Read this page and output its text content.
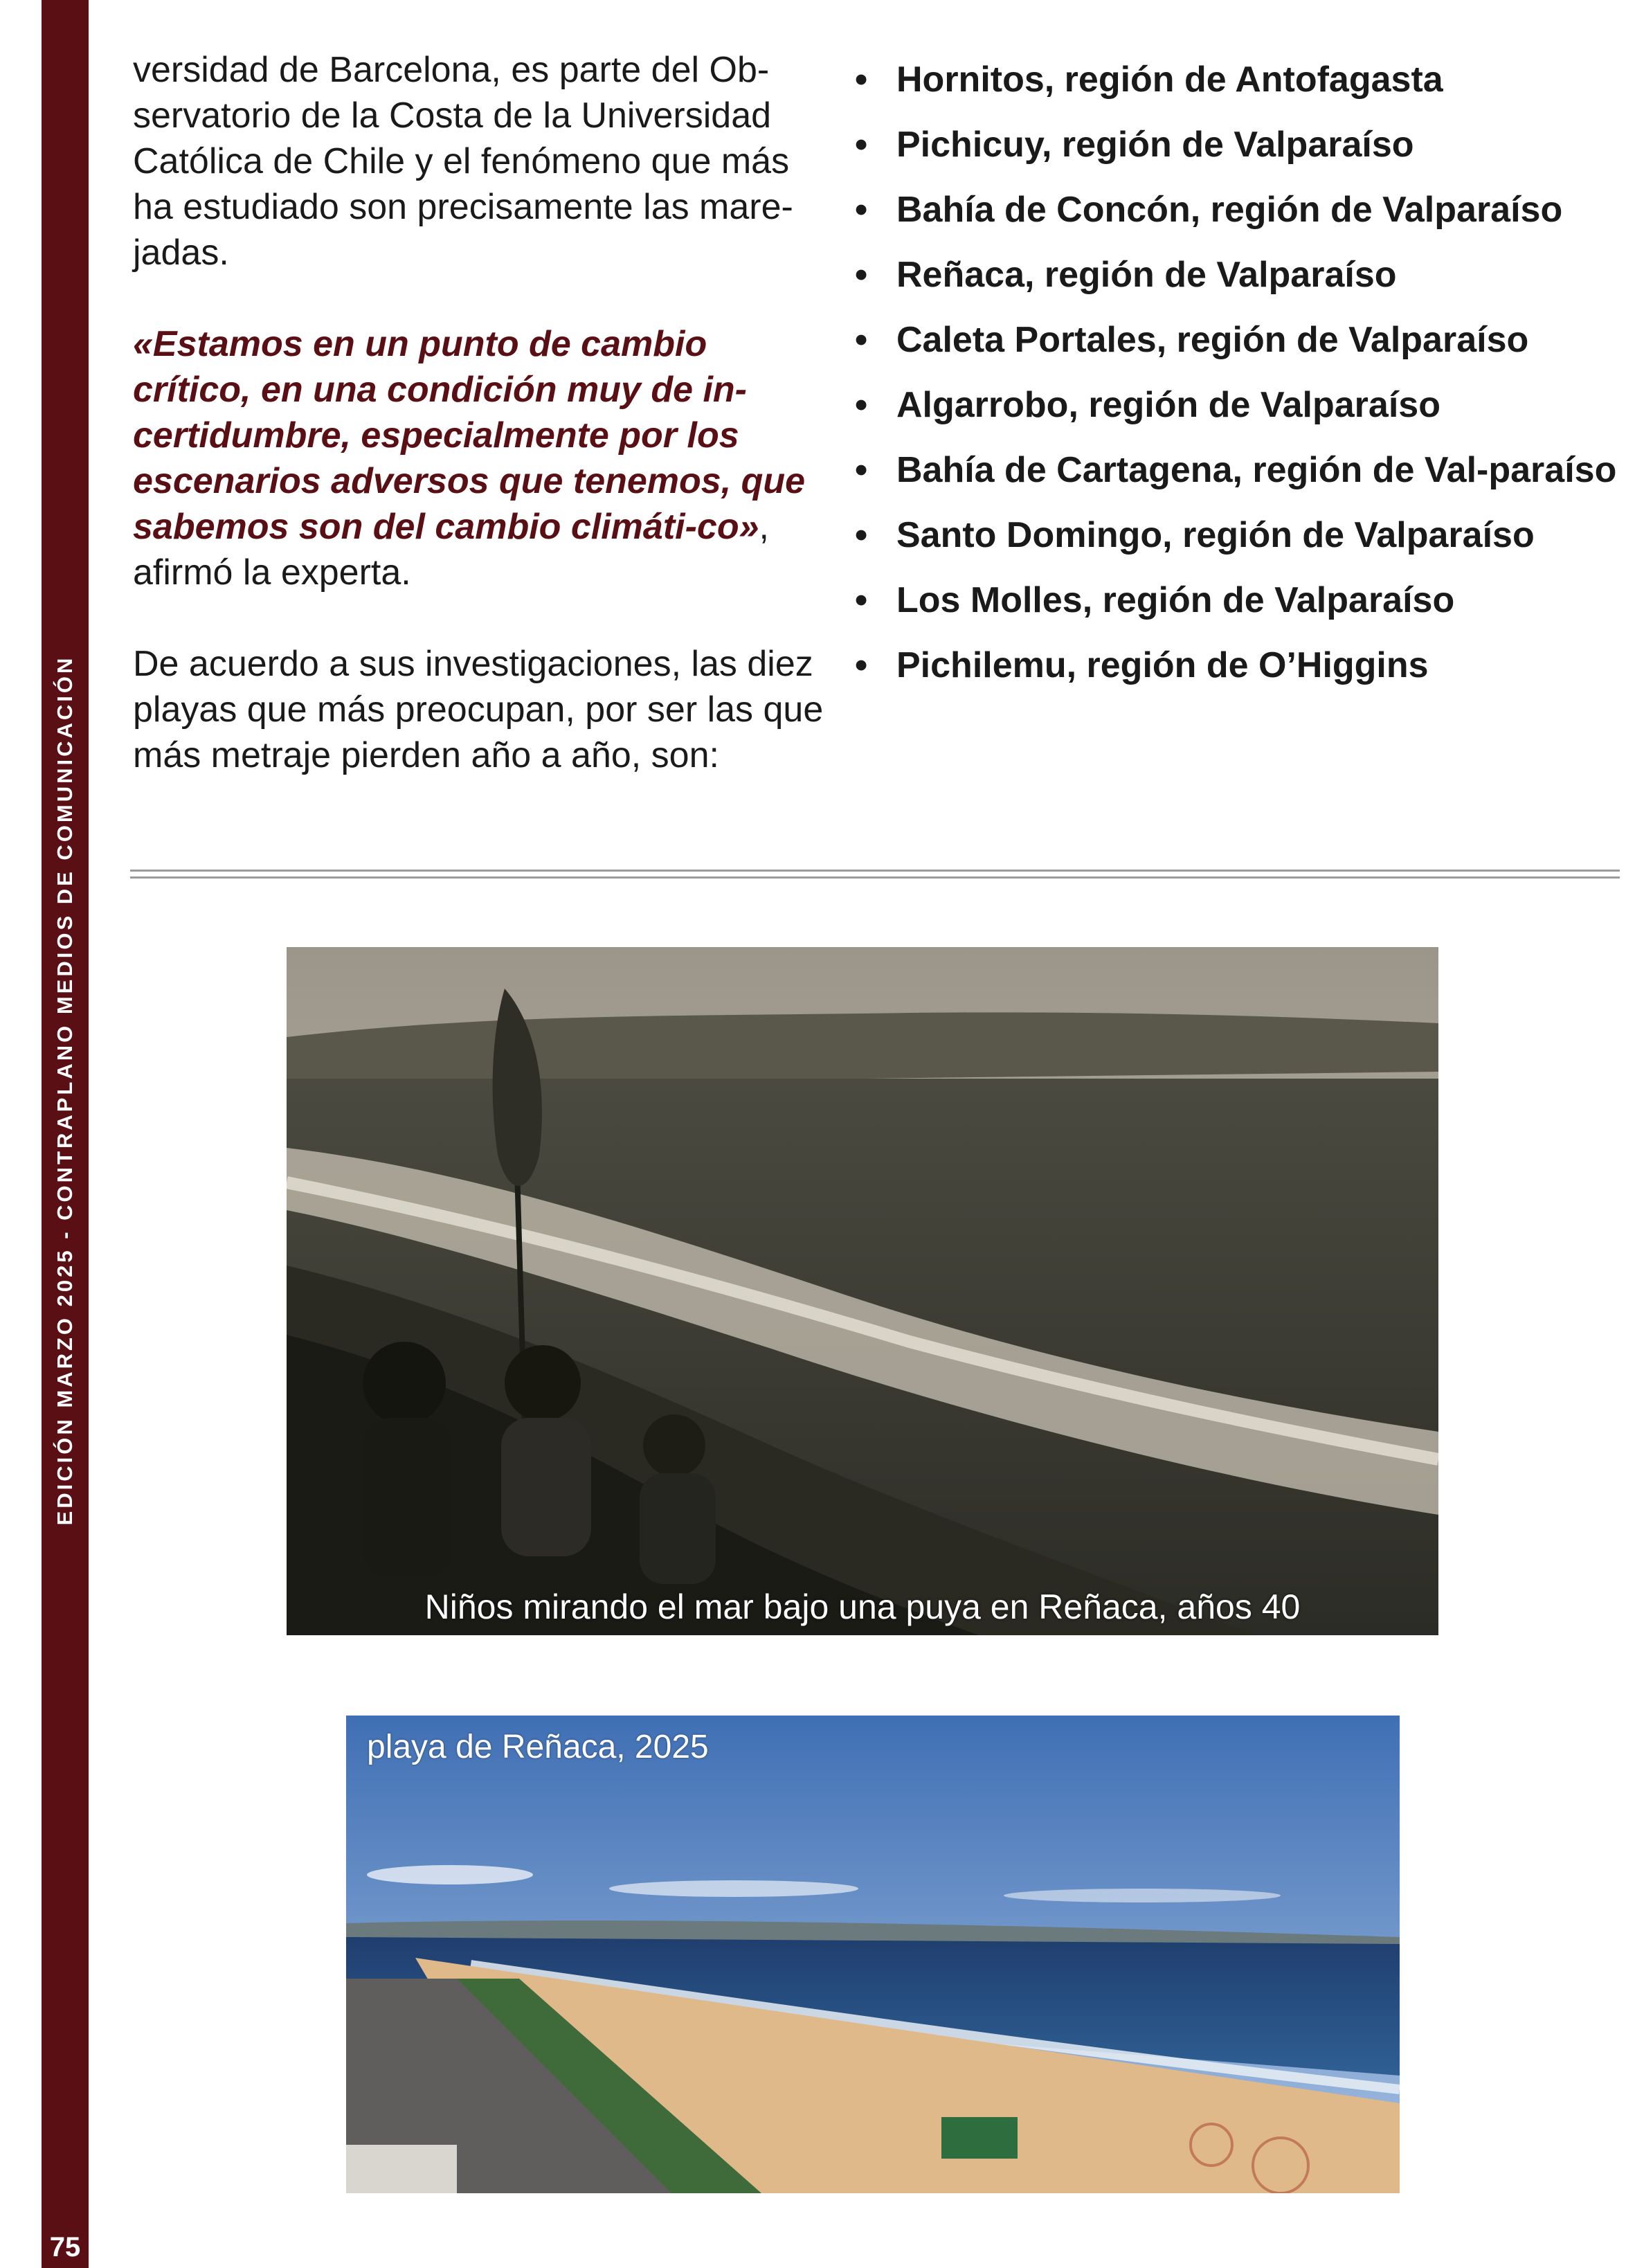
EDICIÓN MARZO 2025 - CONTRAPLANO MEDIOS DE COMUNICACIÓN
75

versidad de Barcelona, es parte del Ob-servatorio de la Costa de la Universidad Católica de Chile y el fenómeno que más ha estudiado son precisamente las mare-jadas.

«Estamos en un punto de cambio crítico, en una condición muy de in-certidumbre, especialmente por los escenarios adversos que tenemos, que sabemos son del cambio climáti-co», afirmó la experta.

De acuerdo a sus investigaciones, las diez playas que más preocupan, por ser las que más metraje pierden año a año, son:

• Hornitos, región de Antofagasta
• Pichicuy, región de Valparaíso
• Bahía de Concón, región de Valparaíso
• Reñaca, región de Valparaíso
• Caleta Portales, región de Valparaíso
• Algarrobo, región de Valparaíso
• Bahía de Cartagena, región de Val-paraíso
• Santo Domingo, región de Valparaíso
• Los Molles, región de Valparaíso
• Pichilemu, región de O’Higgins
Niños mirando el mar bajo una puya en Reñaca, años 40
playa de Reñaca, 2025
